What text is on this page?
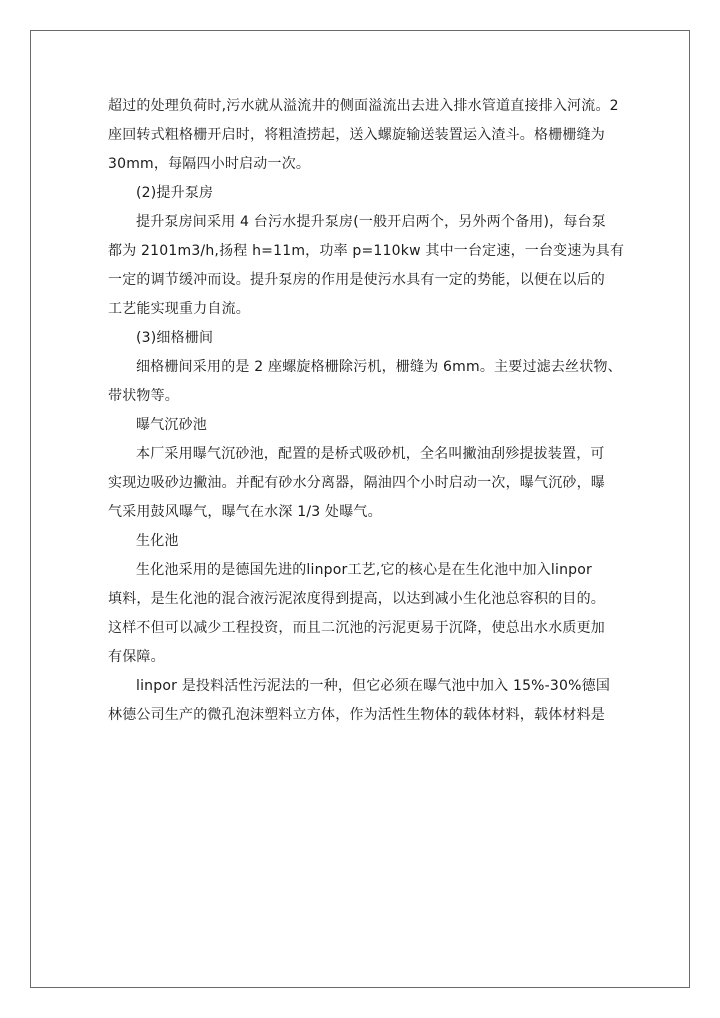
超过的处理负荷时,污水就从溢流井的侧面溢流出去进入排水管道直接排入河流。2
座回转式粗格栅开启时，将粗渣捞起，送入螺旋输送装置运入渣斗。格栅栅缝为
30mm，每隔四小时启动一次。
(2)提升泵房
提升泵房间采用 4 台污水提升泵房(一般开启两个，另外两个备用)，每台泵
都为 2101m3/h,扬程 h=11m，功率 p=110kw 其中一台定速，一台变速为具有
一定的调节缓冲而设。提升泵房的作用是使污水具有一定的势能，以便在以后的
工艺能实现重力自流。
(3)细格栅间
细格栅间采用的是 2 座螺旋格栅除污机，栅缝为 6mm。主要过滤去丝状物、
带状物等。
曝气沉砂池
本厂采用曝气沉砂池，配置的是桥式吸砂机，全名叫撇油刮殄提拔装置，可
实现边吸砂边撇油。并配有砂水分离器，隔油四个小时启动一次，曝气沉砂，曝
气采用鼓风曝气，曝气在水深 1/3 处曝气。
生化池
生化池采用的是德国先进的linpor工艺,它的核心是在生化池中加入linpor
填料，是生化池的混合液污泥浓度得到提高，以达到减小生化池总容积的目的。
这样不但可以减少工程投资，而且二沉池的污泥更易于沉降，使总出水水质更加
有保障。
linpor 是投料活性污泥法的一种，但它必须在曝气池中加入 15%-30%德国
林德公司生产的微孔泡沫塑料立方体，作为活性生物体的载体材料，载体材料是
